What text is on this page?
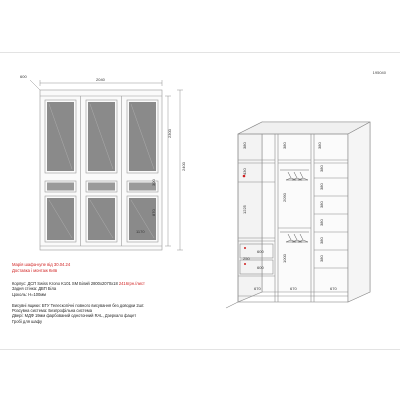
195040
2040
600
2400
2300
300
870
1170
380	380	380
430
1225
2090
1000
380
380
380
380
380
380
600
600
250
670	670	670
Марія шафа-купе від 30.04.24
Доставка і монтаж Київ
Корпус: ДСП Swiss Krono K101 SM Білий 2800х2070х18 2416грн./лист
Задня стінка: ДВП Біла
Цоколь: Н=100мм

Висувні ящики: БТУ Телескопічні повного висування без доводки 2шт.
Розсувна система: Безпрофільна система
Двері: МДФ 19мм фарбований однотонний RAL, Дзеркало фацет
Гробі для шафу
